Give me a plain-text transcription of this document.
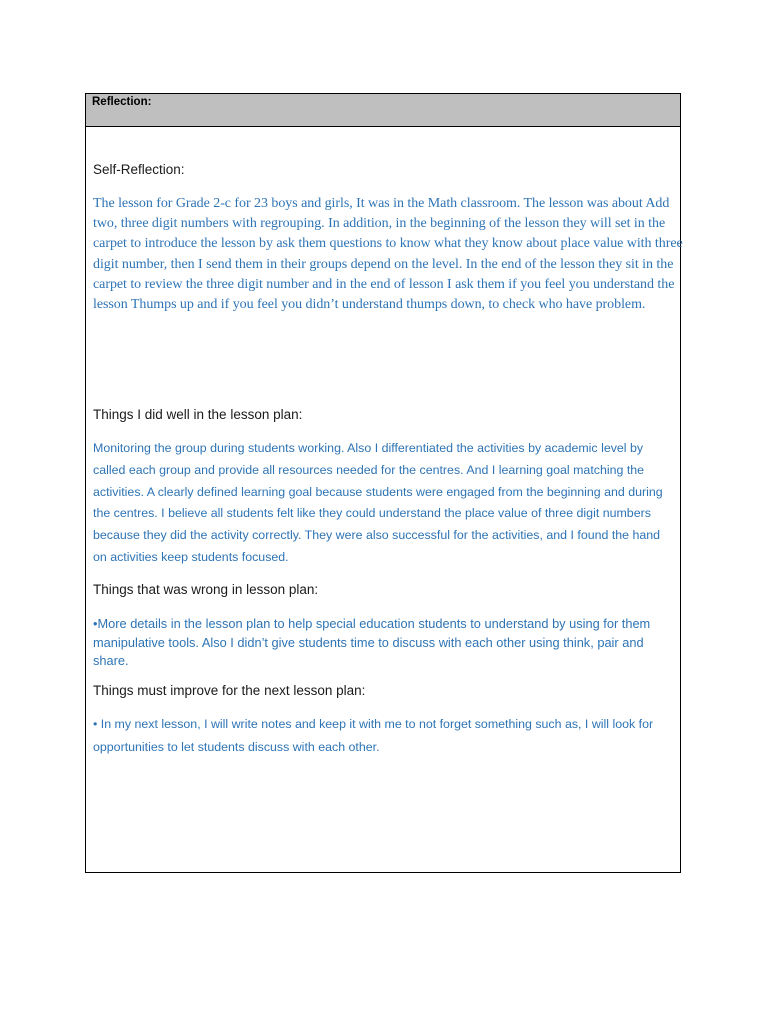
Reflection:

Self-Reflection:

The lesson for Grade 2-c for 23 boys and girls, It was in the Math classroom. The lesson was about Add two, three digit numbers with regrouping. In addition, in the beginning of the lesson they will set in the carpet to introduce the lesson by ask them questions to know what they know about place value with three digit number, then I send them in their groups depend on the level. In the end of the lesson they sit in the carpet to review the three digit number and in the end of lesson I ask them if you feel you understand the lesson Thumps up and if you feel you didn’t understand thumps down, to check who have problem.

Things I did well in the lesson plan:

Monitoring the group during students working. Also I differentiated the activities by academic level by called each group and provide all resources needed for the centres. And I learning goal matching the activities. A clearly defined learning goal because students were engaged from the beginning and during the centres. I believe all students felt like they could understand the place value of three digit numbers because they did the activity correctly. They were also successful for the activities, and I found the hand on activities keep students focused.

Things that was wrong in lesson plan:

•More details in the lesson plan to help special education students to understand by using for them manipulative tools. Also I didn’t give students time to discuss with each other using think, pair and share.

Things must improve for the next lesson plan:

• In my next lesson, I will write notes and keep it with me to not forget something such as, I will look for opportunities to let students discuss with each other.
